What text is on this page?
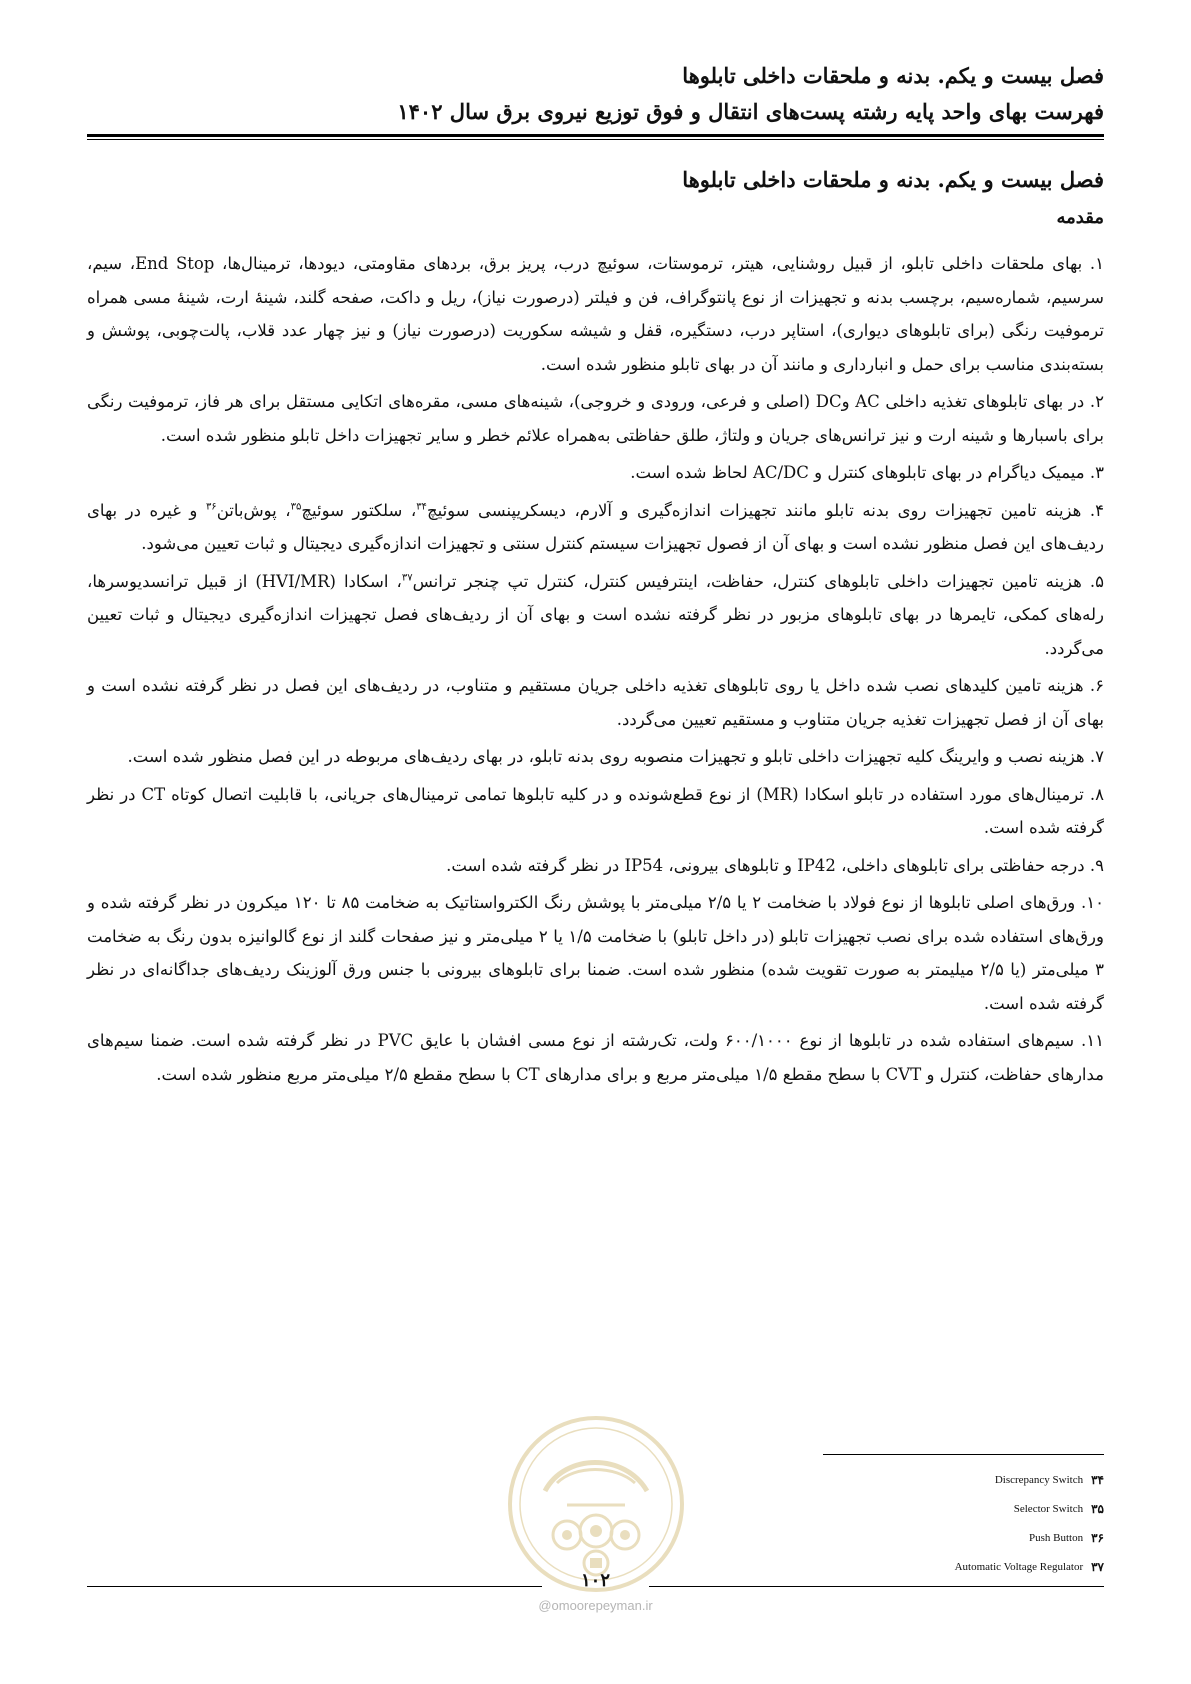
فصل بیست و یکم. بدنه و ملحقات داخلی تابلوها
فهرست بهای واحد پایه رشته پست‌های انتقال و فوق توزیع نیروی برق سال ۱۴۰۲
فصل بیست و یکم. بدنه و ملحقات داخلی تابلوها
مقدمه

۱. بهای ملحقات داخلی تابلو، از قبیل روشنایی، هیتر، ترموستات، سوئیچ درب، پریز برق، بردهای مقاومتی، دیودها، ترمینال‌ها، End Stop، سیم، سرسیم، شماره‌سیم، برچسب بدنه و تجهیزات از نوع پانتوگراف، فن و فیلتر (درصورت نیاز)، ریل و داکت، صفحه گلند، شینهٔ ارت، شینهٔ مسی همراه ترموفیت رنگی (برای تابلوهای دیواری)، استاپر درب، دستگیره، قفل و شیشه سکوریت (درصورت نیاز) و نیز چهار عدد قلاب، پالت‌چوبی، پوشش و بسته‌بندی مناسب برای حمل و انبارداری و مانند آن در بهای تابلو منظور شده است.

۲. در بهای تابلوهای تغذیه داخلی AC وDC (اصلی و فرعی، ورودی و خروجی)، شینه‌های مسی، مقره‌های اتکایی مستقل برای هر فاز، ترموفیت رنگی برای باسبارها و شینه ارت و نیز ترانس‌های جریان و ولتاژ، طلق حفاظتی به‌همراه علائم خطر و سایر تجهیزات داخل تابلو منظور شده است.

۳. میمیک دیاگرام در بهای تابلوهای کنترل و AC/DC لحاظ شده است.

۴. هزینه تامین تجهیزات روی بدنه تابلو مانند تجهیزات اندازه‌گیری و آلارم، دیسکریپنسی سوئیچ$^{۳۴}$، سلکتور سوئیچ$^{۳۵}$، پوش‌باتن$^{۳۶}$ و غیره در بهای ردیف‌های این فصل منظور نشده است و بهای آن از فصول تجهیزات سیستم کنترل سنتی و تجهیزات اندازه‌گیری دیجیتال و ثبات تعیین می‌شود.

۵. هزینه تامین تجهیزات داخلی تابلوهای کنترل، حفاظت، اینترفیس کنترل، کنترل تپ چنجر ترانس$^{۳۷}$، اسکادا (HVI/MR) از قبیل ترانسدیوسرها، رله‌های کمکی، تایمرها در بهای تابلوهای مزبور در نظر گرفته نشده است و بهای آن از ردیف‌های فصل تجهیزات اندازه‌گیری دیجیتال و ثبات تعیین می‌گردد.

۶. هزینه تامین کلیدهای نصب شده داخل یا روی تابلوهای تغذیه داخلی جریان مستقیم و متناوب، در ردیف‌های این فصل در نظر گرفته نشده است و بهای آن از فصل تجهیزات تغذیه جریان متناوب و مستقیم تعیین می‌گردد.

۷. هزینه نصب و وایرینگ کلیه تجهیزات داخلی تابلو و تجهیزات منصوبه روی بدنه تابلو، در بهای ردیف‌های مربوطه در این فصل منظور شده است.

۸. ترمینال‌های مورد استفاده در تابلو اسکادا (MR) از نوع قطع‌شونده و در کلیه تابلوها تمامی ترمینال‌های جریانی، با قابلیت اتصال کوتاه CT در نظر گرفته شده است.

۹. درجه حفاظتی برای تابلوهای داخلی، IP42 و تابلوهای بیرونی، IP54 در نظر گرفته شده است.

۱۰. ورق‌های اصلی تابلوها از نوع فولاد با ضخامت ۲ یا ۲/۵ میلی‌متر با پوشش رنگ الکترواستاتیک به ضخامت ۸۵ تا ۱۲۰ میکرون در نظر گرفته شده و ورق‌های استفاده شده برای نصب تجهیزات تابلو (در داخل تابلو) با ضخامت ۱/۵ یا ۲ میلی‌متر و نیز صفحات گلند از نوع گالوانیزه بدون رنگ به ضخامت ۳ میلی‌متر (یا ۲/۵ میلیمتر به صورت تقویت شده) منظور شده است. ضمنا برای تابلوهای بیرونی با جنس ورق آلوزینک ردیف‌های جداگانه‌ای در نظر گرفته شده است.

۱۱. سیم‌های استفاده شده در تابلوها از نوع ۶۰۰/۱۰۰۰ ولت، تک‌رشته از نوع مسی افشان با عایق PVC در نظر گرفته شده است. ضمنا سیم‌های مدارهای حفاظت، کنترل و CVT با سطح مقطع ۱/۵ میلی‌متر مربع و برای مدارهای CT با سطح مقطع ۲/۵ میلی‌متر مربع منظور شده است.

۳۴
Discrepancy Switch
۳۵
Selector Switch
۳۶
Push Button
۳۷
Automatic Voltage Regulator
۱۰۲
@omoorepeyman.ir
